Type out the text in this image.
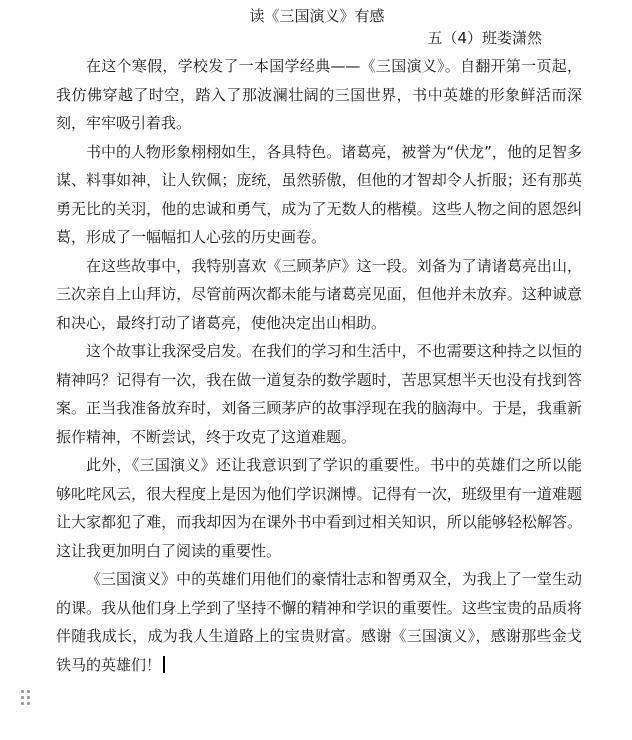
读《三国演义》有感
五（4）班娄潇然

在这个寒假，学校发了一本国学经典——《三国演义》。自翻开第一页起，我仿佛穿越了时空，踏入了那波澜壮阔的三国世界，书中英雄的形象鲜活而深刻，牢牢吸引着我。

书中的人物形象栩栩如生，各具特色。诸葛亮，被誉为“伏龙”，他的足智多谋、料事如神，让人钦佩；庞统，虽然骄傲，但他的才智却令人折服；还有那英勇无比的关羽，他的忠诚和勇气，成为了无数人的楷模。这些人物之间的恩怨纠葛，形成了一幅幅扣人心弦的历史画卷。

在这些故事中，我特别喜欢《三顾茅庐》这一段。刘备为了请诸葛亮出山，三次亲自上山拜访，尽管前两次都未能与诸葛亮见面，但他并未放弃。这种诚意和决心，最终打动了诸葛亮，使他决定出山相助。

这个故事让我深受启发。在我们的学习和生活中，不也需要这种持之以恒的精神吗？记得有一次，我在做一道复杂的数学题时，苦思冥想半天也没有找到答案。正当我准备放弃时，刘备三顾茅庐的故事浮现在我的脑海中。于是，我重新振作精神，不断尝试，终于攻克了这道难题。

此外，《三国演义》还让我意识到了学识的重要性。书中的英雄们之所以能够叱咤风云，很大程度上是因为他们学识渊博。记得有一次，班级里有一道难题让大家都犯了难，而我却因为在课外书中看到过相关知识，所以能够轻松解答。这让我更加明白了阅读的重要性。

《三国演义》中的英雄们用他们的豪情壮志和智勇双全，为我上了一堂生动的课。我从他们身上学到了坚持不懈的精神和学识的重要性。这些宝贵的品质将伴随我成长，成为我人生道路上的宝贵财富。感谢《三国演义》，感谢那些金戈铁马的英雄们！
